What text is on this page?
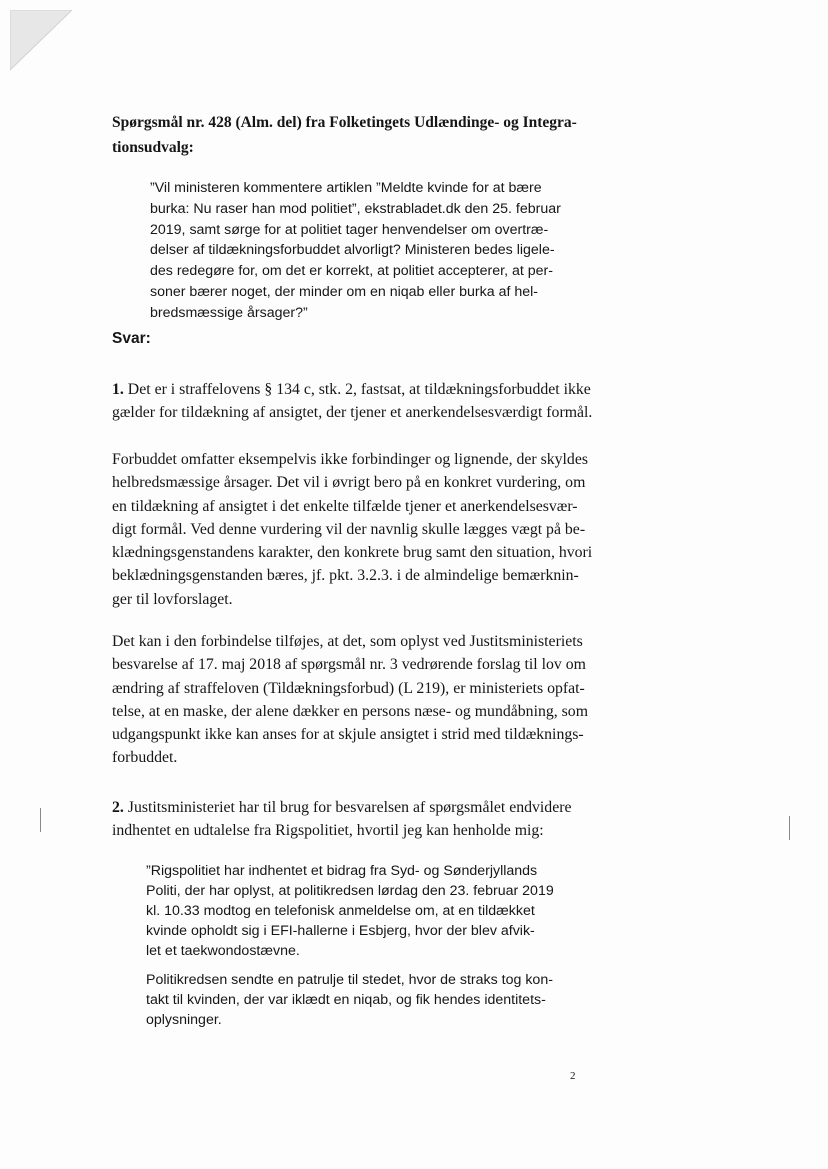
Spørgsmål nr. 428 (Alm. del) fra Folketingets Udlændinge- og Integra-
tionsudvalg:
”Vil ministeren kommentere artiklen ”Meldte kvinde for at bære
burka: Nu raser han mod politiet”, ekstrabladet.dk den 25. februar
2019, samt sørge for at politiet tager henvendelser om overtræ-
delser af tildækningsforbuddet alvorligt? Ministeren bedes ligele-
des redegøre for, om det er korrekt, at politiet accepterer, at per-
soner bærer noget, der minder om en niqab eller burka af hel-
bredsmæssige årsager?”
Svar:
1. Det er i straffelovens § 134 c, stk. 2, fastsat, at tildækningsforbuddet ikke
gælder for tildækning af ansigtet, der tjener et anerkendelsesværdigt formål.
Forbuddet omfatter eksempelvis ikke forbindinger og lignende, der skyldes
helbredsmæssige årsager. Det vil i øvrigt bero på en konkret vurdering, om
en tildækning af ansigtet i det enkelte tilfælde tjener et anerkendelsesvær-
digt formål. Ved denne vurdering vil der navnlig skulle lægges vægt på be-
klædningsgenstandens karakter, den konkrete brug samt den situation, hvori
beklædningsgenstanden bæres, jf. pkt. 3.2.3. i de almindelige bemærknin-
ger til lovforslaget.
Det kan i den forbindelse tilføjes, at det, som oplyst ved Justitsministeriets
besvarelse af 17. maj 2018 af spørgsmål nr. 3 vedrørende forslag til lov om
ændring af straffeloven (Tildækningsforbud) (L 219), er ministeriets opfat-
telse, at en maske, der alene dækker en persons næse- og mundåbning, som
udgangspunkt ikke kan anses for at skjule ansigtet i strid med tildæknings-
forbuddet.
2. Justitsministeriet har til brug for besvarelsen af spørgsmålet endvidere
indhentet en udtalelse fra Rigspolitiet, hvortil jeg kan henholde mig:
”Rigspolitiet har indhentet et bidrag fra Syd- og Sønderjyllands
Politi, der har oplyst, at politikredsen lørdag den 23. februar 2019
kl. 10.33 modtog en telefonisk anmeldelse om, at en tildækket
kvinde opholdt sig i EFI-hallerne i Esbjerg, hvor der blev afvik-
let et taekwondostævne.
Politikredsen sendte en patrulje til stedet, hvor de straks tog kon-
takt til kvinden, der var iklædt en niqab, og fik hendes identitets-
oplysninger.
2
